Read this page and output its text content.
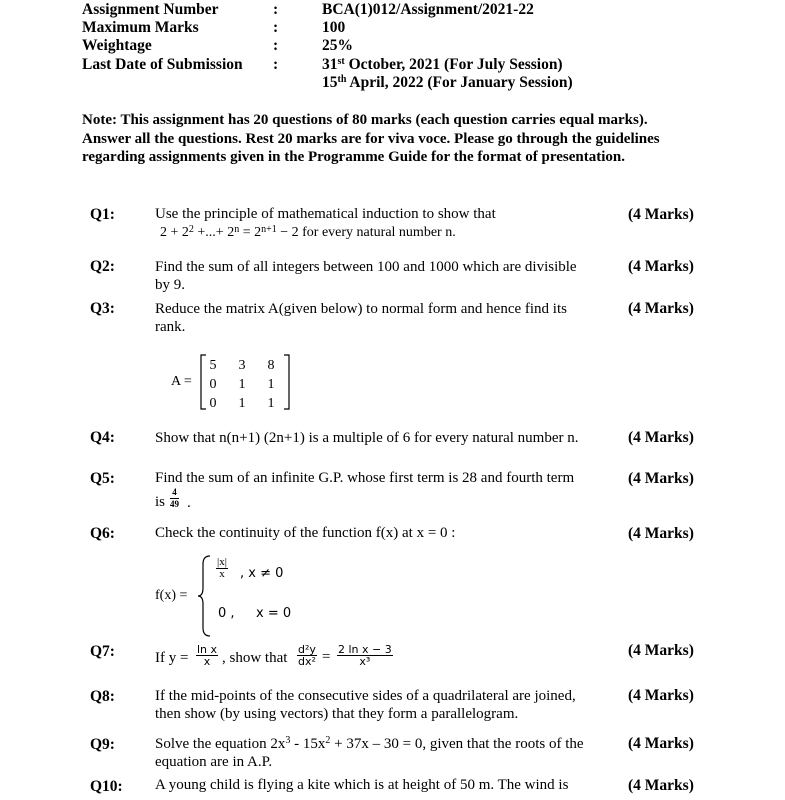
Assignment Number	:	BCA(1)012/Assignment/2021-22
Maximum Marks	:	100
Weightage	:	25%
Last Date of Submission :	31st October, 2021 (For July Session)
15th April, 2022 (For January Session)
Note: This assignment has 20 questions of 80 marks (each question carries equal marks).
Answer all the questions. Rest 20 marks are for viva voce. Please go through the guidelines
regarding assignments given in the Programme Guide for the format of presentation.
Q1:	Use the principle of mathematical induction to show that
$2 + 2^2$ +...+ $2^n = 2^{n+1} - 2$ for every natural number n.
(4 Marks)
Q2:	Find the sum of all integers between 100 and 1000 which are divisible
by 9.
(4 Marks)
Q3:	Reduce the matrix A(given below) to normal form and hence find its
rank.
(4 Marks)
A =
5 3 8
0 1 1
0 1 1
Q4:	Show that n(n+1) (2n+1) is a multiple of 6 for every natural number n.	(4 Marks)
Q5:	Find the sum of an infinite G.P. whose first term is 28 and fourth term
is $\frac{4}{49}$ .
(4 Marks)
Q6:	Check the continuity of the function f(x) at x = 0 :	(4 Marks)
f(x) =
$\frac{|x|}{x}$ , x ≠ 0
0 , x = 0
Q7:	If $y = \frac{\text{ln x}}{x}$ , show that $\frac{\text{d²y}}{\text{dx²}} = \frac{\text{2 ln x − 3}}{\text{x³}}$	(4 Marks)
Q8:	If the mid-points of the consecutive sides of a quadrilateral are joined,
then show (by using vectors) that they form a parallelogram.
(4 Marks)
Q9:	Solve the equation $2x^3 - 15x^2 + 37x - 30 = 0$, given that the roots of the
equation are in A.P.
(4 Marks)
Q10: A young child is flying a kite which is at height of 50 m. The wind is	(4 Marks)
